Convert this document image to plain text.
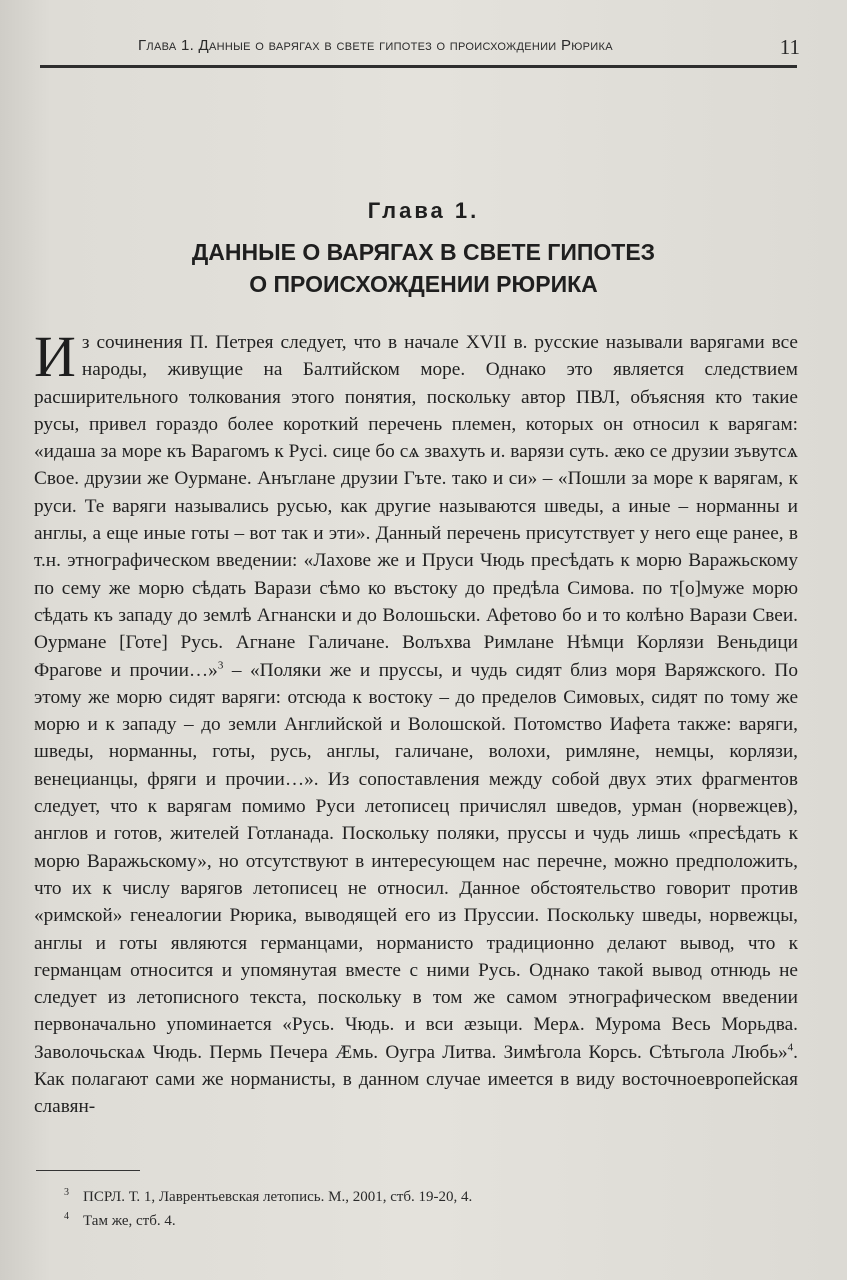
Глава 1. Данные о варягах в свете гипотез о происхождении Рюрика	11
Глава 1.
ДАННЫЕ О ВАРЯГАХ В СВЕТЕ ГИПОТЕЗ
О ПРОИСХОЖДЕНИИ РЮРИКА

Из сочинения П. Петрея следует, что в начале XVII в. русские называли варягами все народы, живущие на Балтийском море. Однако это является следствием расширительного толкования этого понятия, поскольку автор ПВЛ, объясняя кто такие русы, привел гораздо более короткий перечень племен, которых он относил к варягам: «идаша за море къ Варагомъ к Русі. сице бо сѧ звахуть и. варязи суть. ӕко се друзии зъвутсѧ Свое. друзии же Оурмане. Анъглане друзии Гъте. тако и си» – «Пошли за море к варягам, к руси. Те варяги назывались русью, как другие называются шведы, а иные – норманны и англы, а еще иные готы – вот так и эти». Данный перечень присутствует у него еще ранее, в т.н. этнографическом введении: «Лахове же и Пруси Чюдь пресѣдать к морю Варажьскому по сему же морю сѣдать Варази сѣмо ко въстоку до предѣла Симова. по т[о]муже морю сѣдать къ западу до землѣ Агнански и до Волошьски. Афетово бо и то колѣно Варази Свеи. Оурмане [Готе] Русь. Агнане Галичане. Волъхва Римлане Нѣмци Корлязи Веньдици Фрагове и прочии…»$^3$ – «Поляки же и пруссы, и чудь сидят близ моря Варяжского. По этому же морю сидят варяги: отсюда к востоку – до пределов Симовых, сидят по тому же морю и к западу – до земли Английской и Волошской. Потомство Иафета также: варяги, шведы, норманны, готы, русь, англы, галичане, волохи, римляне, немцы, корлязи, венецианцы, фряги и прочии…». Из сопоставления между собой двух этих фрагментов следует, что к варягам помимо Руси летописец причислял шведов, урман (норвежцев), англов и готов, жителей Готланада. Поскольку поляки, пруссы и чудь лишь «пресѣдать к морю Варажьскому», но отсутствуют в интересующем нас перечне, можно предположить, что их к числу варягов летописец не относил. Данное обстоятельство говорит против «римской» генеалогии Рюрика, выводящей его из Пруссии. Поскольку шведы, норвежцы, англы и готы являются германцами, норманисто традиционно делают вывод, что к германцам относится и упомянутая вместе с ними Русь. Однако такой вывод отнюдь не следует из летописного текста, поскольку в том же самом этнографическом введении первоначально упоминается «Русь. Чюдь. и вси ӕзыци. Мерѧ. Мурома Весь Морьдва. Заволочьскаѧ Чюдь. Пермь Печера Ӕмь. Оугра Литва. Зимѣгола Корсь. Сѣтьгола Любь»$^4$. Как полагают сами же норманисты, в данном случае имеется в виду восточноевропейская славян-

$^3$ ПСРЛ. Т. 1, Лаврентьевская летопись. М., 2001, стб. 19-20, 4.
$^4$ Там же, стб. 4.
